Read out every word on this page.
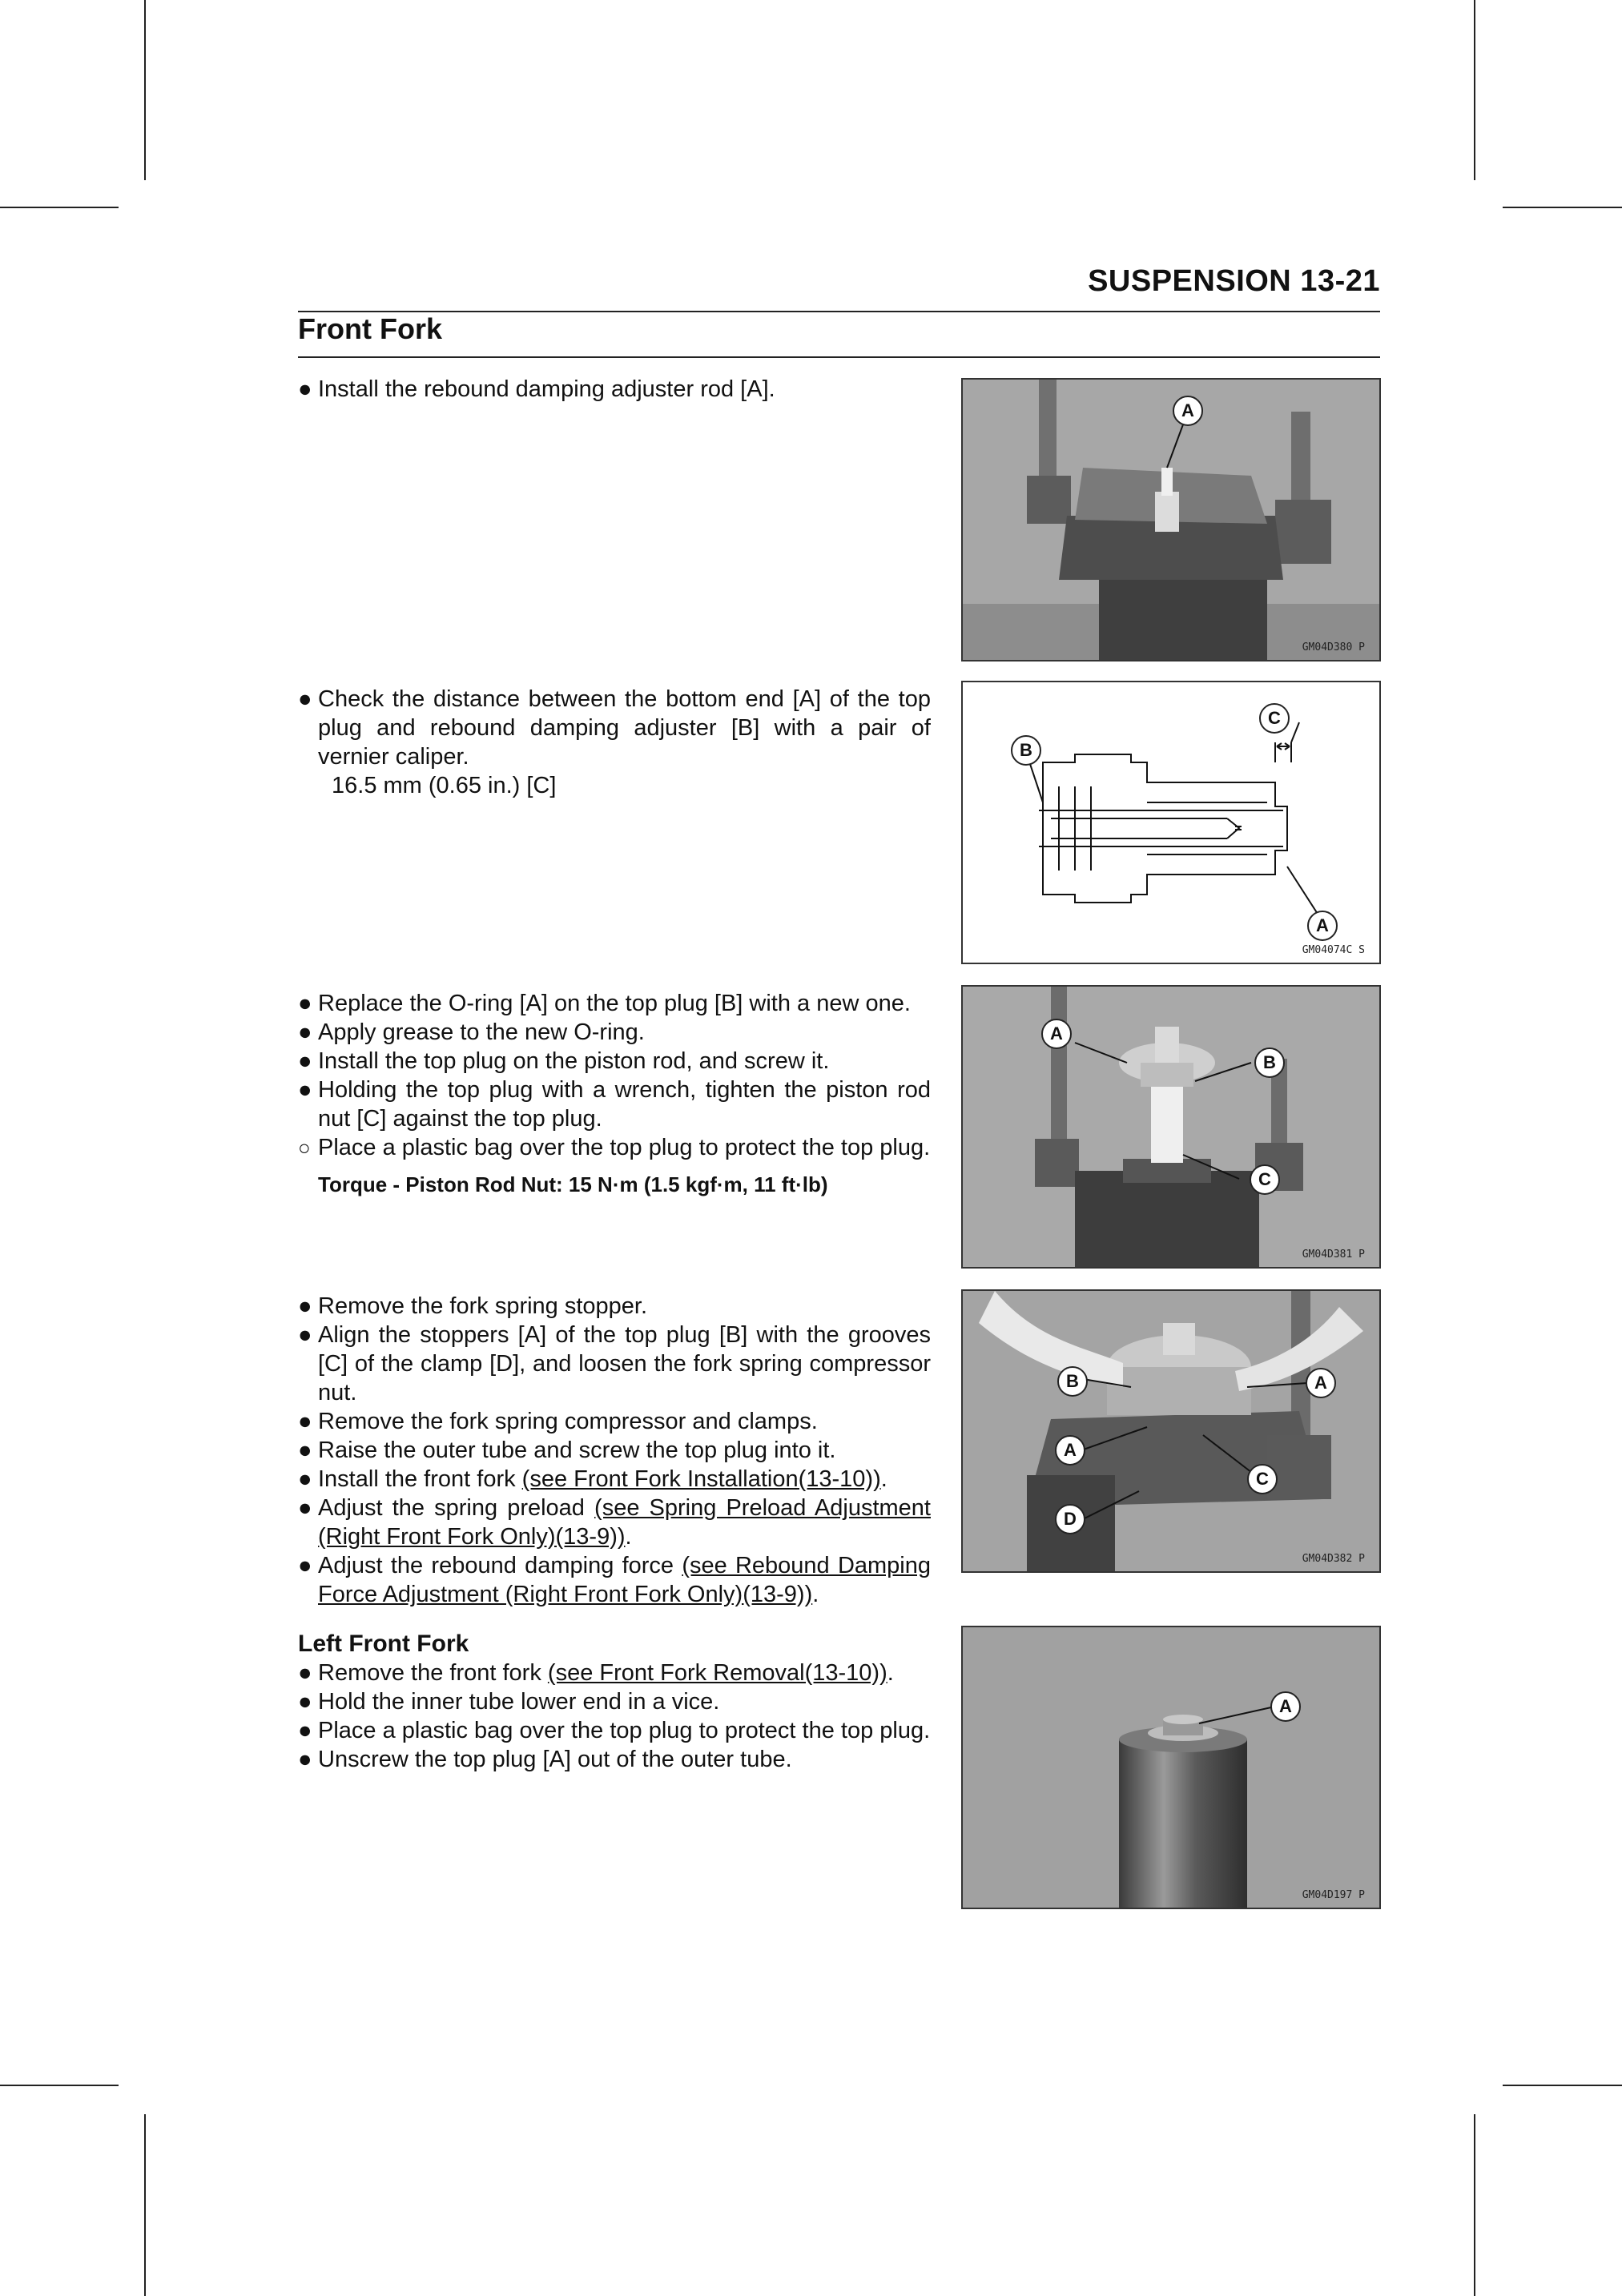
SUSPENSION 13-21
Front Fork
● Install the rebound damping adjuster rod [A].
A
GM04D380 P
● Check the distance between the bottom end [A] of the top plug and rebound damping adjuster [B] with a pair of vernier caliper.
16.5 mm (0.65 in.) [C]
B
C
A
GM04074C S
● Replace the O-ring [A] on the top plug [B] with a new one.
● Apply grease to the new O-ring.
● Install the top plug on the piston rod, and screw it.
● Holding the top plug with a wrench, tighten the piston rod nut [C] against the top plug.
○ Place a plastic bag over the top plug to protect the top plug.
Torque - Piston Rod Nut: 15 N·m (1.5 kgf·m, 11 ft·lb)
A
B
C
GM04D381 P
● Remove the fork spring stopper.
● Align the stoppers [A] of the top plug [B] with the grooves [C] of the clamp [D], and loosen the fork spring compressor nut.
● Remove the fork spring compressor and clamps.
● Raise the outer tube and screw the top plug into it.
● Install the front fork (see Front Fork Installation(13-10)).
● Adjust the spring preload (see Spring Preload Adjustment (Right Front Fork Only)(13-9)).
● Adjust the rebound damping force (see Rebound Damping Force Adjustment (Right Front Fork Only)(13-9)).
B	A
A
C
D
GM04D382 P
Left Front Fork
● Remove the front fork (see Front Fork Removal(13-10)).
● Hold the inner tube lower end in a vice.
● Place a plastic bag over the top plug to protect the top plug.
● Unscrew the top plug [A] out of the outer tube.
A
GM04D197 P
